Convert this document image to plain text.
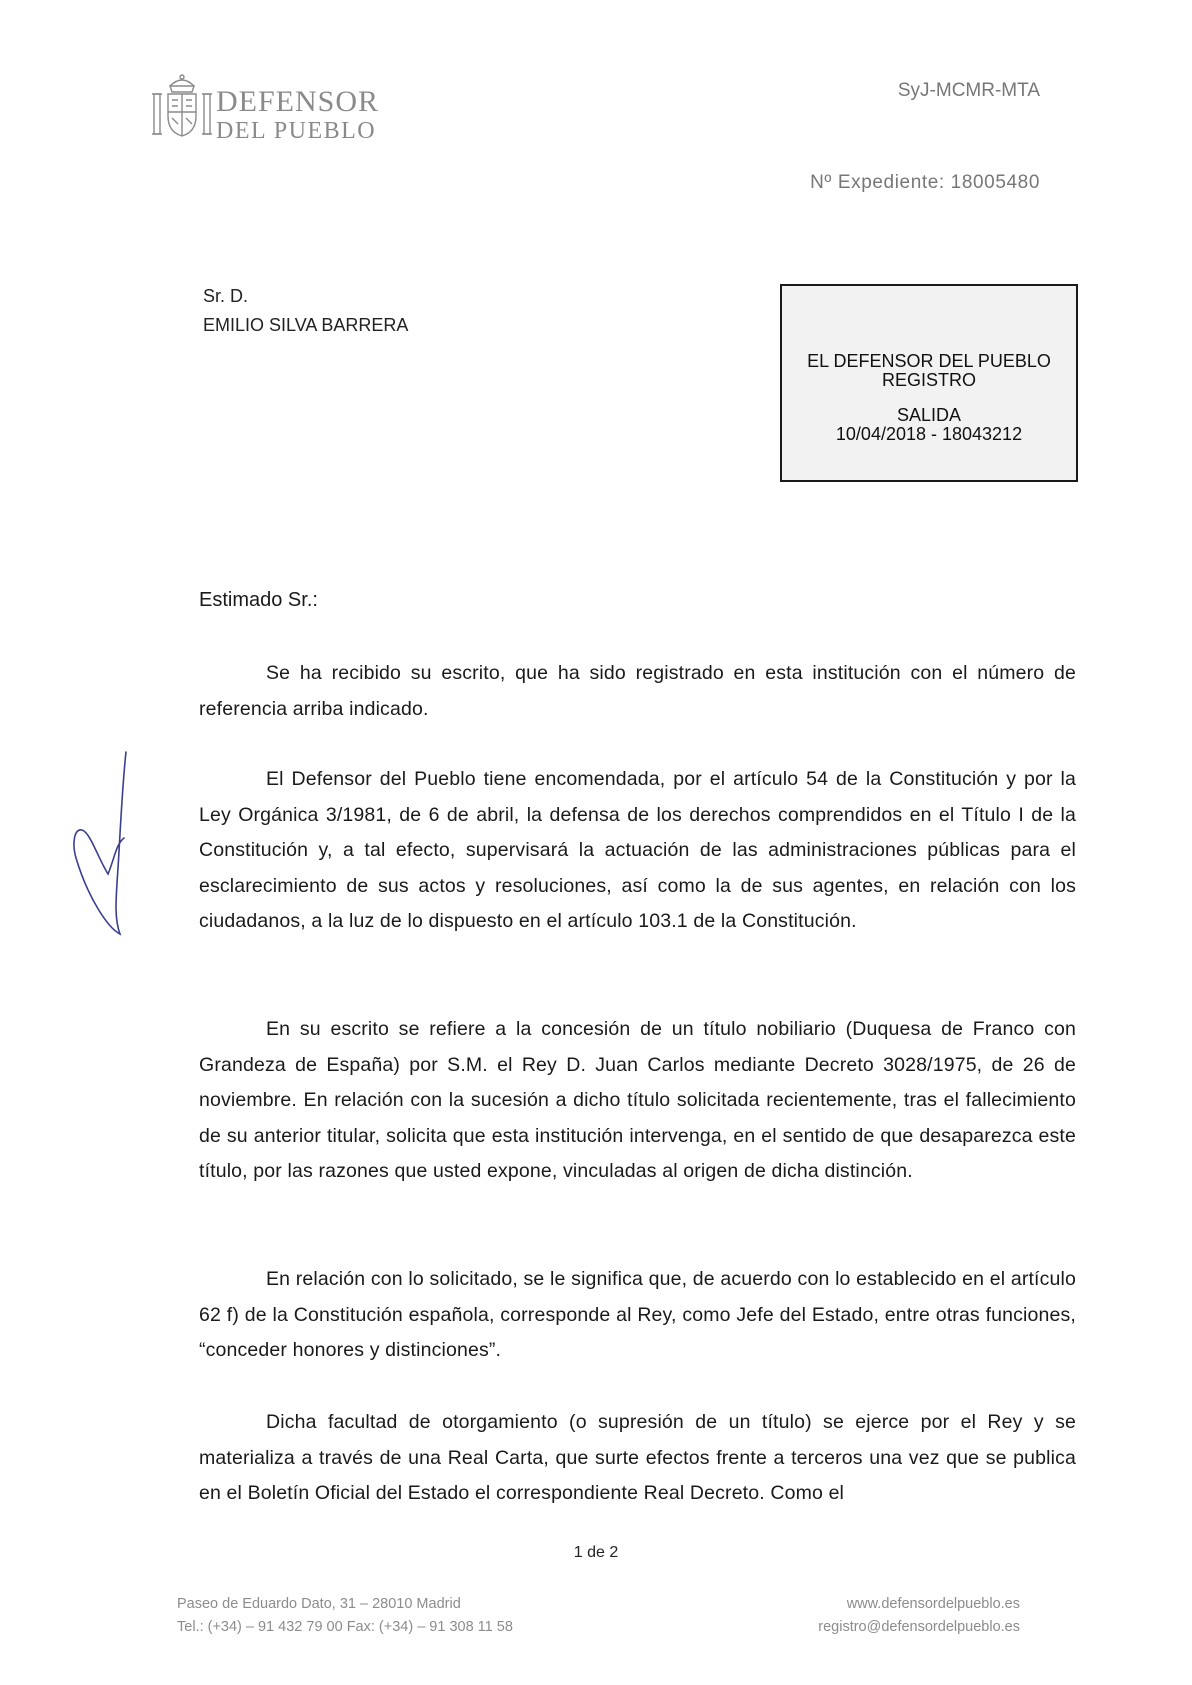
DEFENSOR
DEL PUEBLO
SyJ-MCMR-MTA
Nº Expediente: 18005480
Sr. D.
EMILIO SILVA BARRERA
EL DEFENSOR DEL PUEBLO
REGISTRO
SALIDA
10/04/2018 - 18043212
Estimado Sr.:
Se ha recibido su escrito, que ha sido registrado en esta institución con el número de referencia arriba indicado.
El Defensor del Pueblo tiene encomendada, por el artículo 54 de la Constitución y por la Ley Orgánica 3/1981, de 6 de abril, la defensa de los derechos comprendidos en el Título I de la Constitución y, a tal efecto, supervisará la actuación de las administraciones públicas para el esclarecimiento de sus actos y resoluciones, así como la de sus agentes, en relación con los ciudadanos, a la luz de lo dispuesto en el artículo 103.1 de la Constitución.
En su escrito se refiere a la concesión de un título nobiliario (Duquesa de Franco con Grandeza de España) por S.M. el Rey D. Juan Carlos mediante Decreto 3028/1975, de 26 de noviembre. En relación con la sucesión a dicho título solicitada recientemente, tras el fallecimiento de su anterior titular, solicita que esta institución intervenga, en el sentido de que desaparezca este título, por las razones que usted expone, vinculadas al origen de dicha distinción.
En relación con lo solicitado, se le significa que, de acuerdo con lo establecido en el artículo 62 f) de la Constitución española, corresponde al Rey, como Jefe del Estado, entre otras funciones, “conceder honores y distinciones”.
Dicha facultad de otorgamiento (o supresión de un título) se ejerce por el Rey y se materializa a través de una Real Carta, que surte efectos frente a terceros una vez que se publica en el Boletín Oficial del Estado el correspondiente Real Decreto. Como el
1 de 2
Paseo de Eduardo Dato, 31 – 28010 Madrid
Tel.: (+34) – 91 432 79 00 Fax: (+34) – 91 308 11 58
www.defensordelpueblo.es
registro@defensordelpueblo.es
